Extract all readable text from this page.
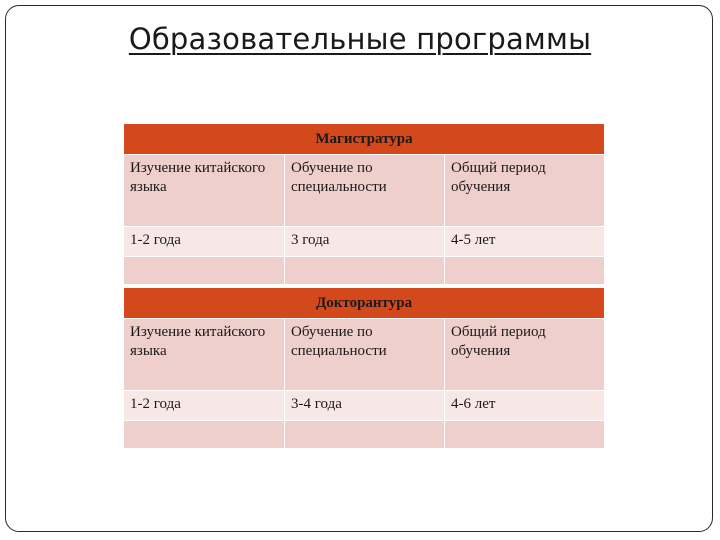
Образовательные программы
Магистратура		
Изучение китайского языка	Обучение по специальности	Общий период обучения
1-2 года	3 года	4-5 лет

Докторантура		
Изучение китайского языка	Обучение по специальности	Общий период обучения
1-2 года	3-4 года	4-6 лет
